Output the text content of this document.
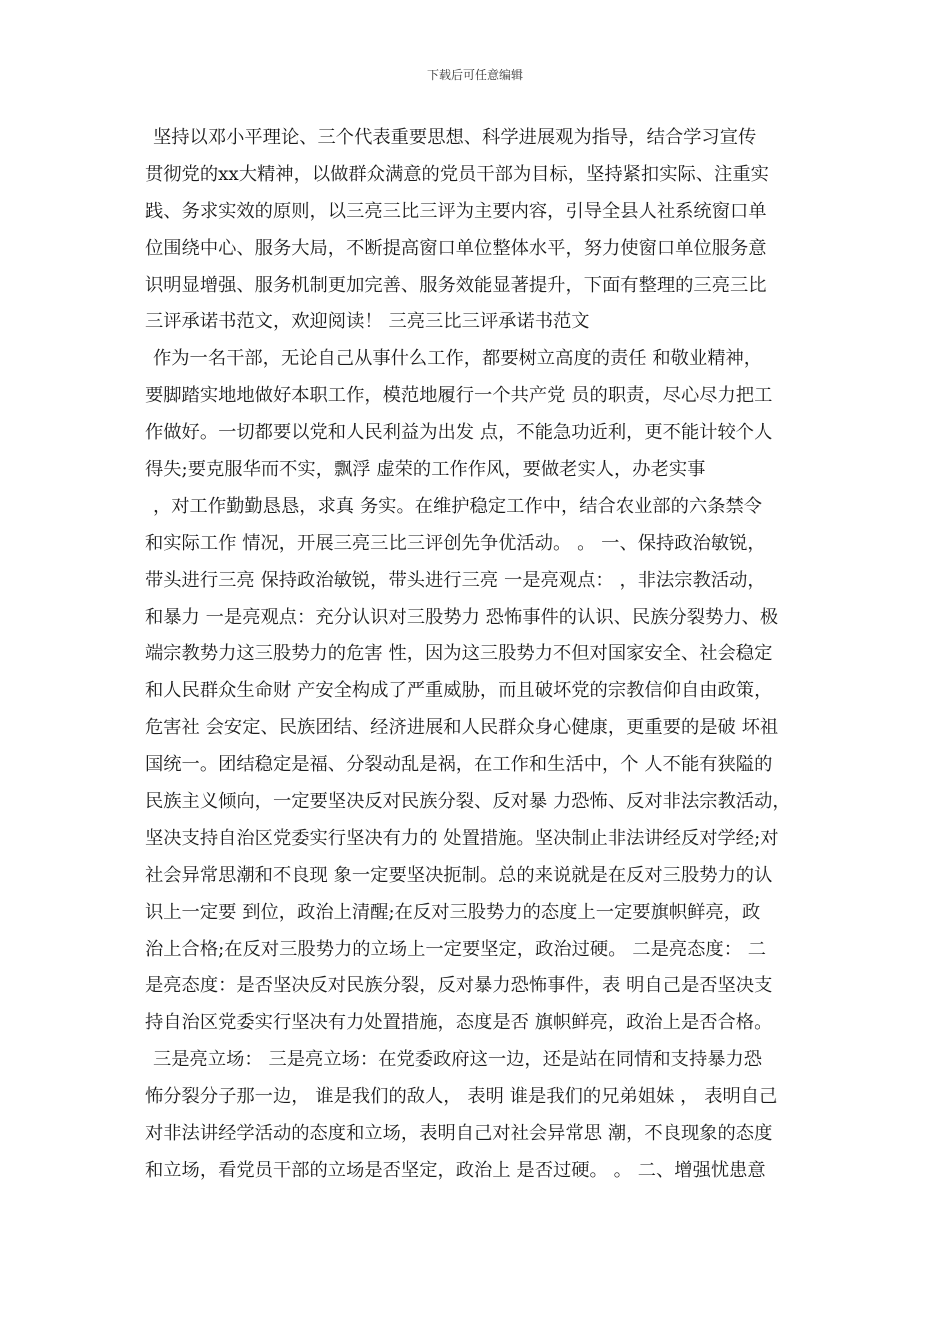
下载后可任意编辑
坚持以邓小平理论、三个代表重要思想、科学进展观为指导，结合学习宣传
贯彻党的xx大精神，以做群众满意的党员干部为目标，坚持紧扣实际、注重实
践、务求实效的原则，以三亮三比三评为主要内容，引导全县人社系统窗口单
位围绕中心、服务大局，不断提高窗口单位整体水平，努力使窗口单位服务意
识明显增强、服务机制更加完善、服务效能显著提升，下面有整理的三亮三比
三评承诺书范文，欢迎阅读！ 三亮三比三评承诺书范文
作为一名干部，无论自己从事什么工作，都要树立高度的责任 和敬业精神，
要脚踏实地地做好本职工作，模范地履行一个共产党 员的职责，尽心尽力把工
作做好。一切都要以党和人民利益为出发 点，不能急功近利，更不能计较个人
得失;要克服华而不实，飘浮 虚荣的工作作风，要做老实人，办老实事
，对工作勤勤恳恳，求真 务实。在维护稳定工作中，结合农业部的六条禁令
和实际工作 情况，开展三亮三比三评创先争优活动。 。 一、保持政治敏锐，
带头进行三亮 保持政治敏锐，带头进行三亮 一是亮观点： ，非法宗教活动，
和暴力 一是亮观点：充分认识对三股势力 恐怖事件的认识、民族分裂势力、极
端宗教势力这三股势力的危害 性，因为这三股势力不但对国家安全、社会稳定
和人民群众生命财 产安全构成了严重威胁，而且破坏党的宗教信仰自由政策，
危害社 会安定、民族团结、经济进展和人民群众身心健康，更重要的是破 坏祖
国统一。团结稳定是福、分裂动乱是祸，在工作和生活中，个 人不能有狭隘的
民族主义倾向，一定要坚决反对民族分裂、反对暴 力恐怖、反对非法宗教活动，
坚决支持自治区党委实行坚决有力的 处置措施。坚决制止非法讲经反对学经;对
社会异常思潮和不良现 象一定要坚决扼制。总的来说就是在反对三股势力的认
识上一定要 到位，政治上清醒;在反对三股势力的态度上一定要旗帜鲜亮，政
治上合格;在反对三股势力的立场上一定要坚定，政治过硬。 二是亮态度： 二
是亮态度：是否坚决反对民族分裂，反对暴力恐怖事件，表 明自己是否坚决支
持自治区党委实行坚决有力处置措施，态度是否 旗帜鲜亮，政治上是否合格。
三是亮立场： 三是亮立场：在党委政府这一边，还是站在同情和支持暴力恐
怖分裂分子那一边， 谁是我们的敌人， 表明 谁是我们的兄弟姐妹 ， 表明自己
对非法讲经学活动的态度和立场，表明自己对社会异常思 潮，不良现象的态度
和立场，看党员干部的立场是否坚定，政治上 是否过硬。 。 二、增强忧患意
